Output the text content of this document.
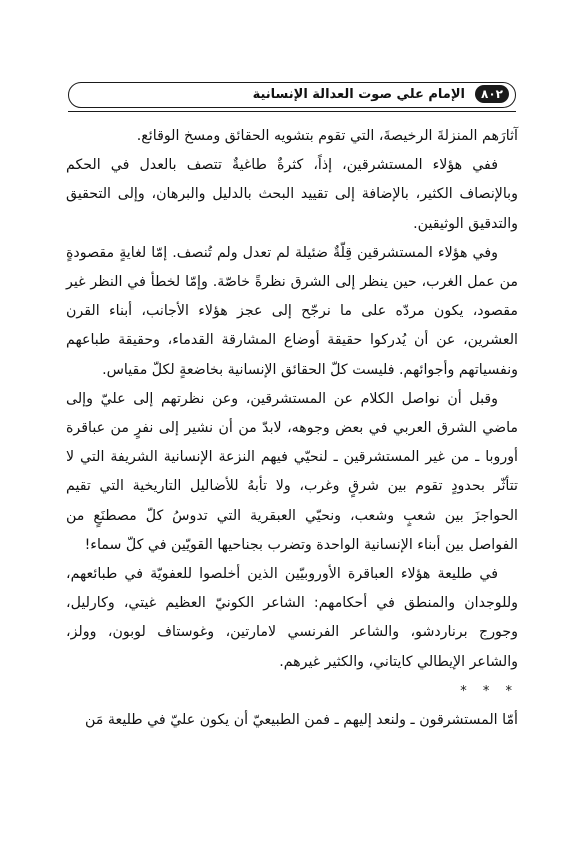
٨٠٢
الإمام علي صوت العدالة الإنسانية

آثارَهم المنزلةَ الرخيصةَ، التي تقوم بتشويه الحقائق ومسخ الوقائع.

ففي هؤلاء المستشرقين، إذاً، كثرةٌ طاغيةٌ تتصف بالعدل في الحكم وبالإنصاف الكثير، بالإضافة إلى تقييد البحث بالدليل والبرهان، وإلى التحقيق والتدقيق الوثيقين.

وفي هؤلاء المستشرقين قِلّةٌ ضئيلة لم تعدل ولم تُنصف. إمّا لغايةٍ مقصودةٍ من عمل الغرب، حين ينظر إلى الشرق نظرةً خاصّة. وإمّا لخطأ في النظر غير مقصود، يكون مردّه على ما نرجّح إلى عجز هؤلاء الأجانب، أبناء القرن العشرين، عن أن يُدركوا حقيقة أوضاع المشارقة القدماء، وحقيقة طباعهم ونفسياتهم وأجوائهم. فليست كلّ الحقائق الإنسانية بخاضعةٍ لكلّ مقياس.

وقبل أن نواصل الكلام عن المستشرقين، وعن نظرتهم إلى عليّ وإلى ماضي الشرق العربي في بعض وجوهه، لابدّ من أن نشير إلى نفرٍ من عباقرة أوروبا ـ من غير المستشرقين ـ لنحيّي فيهم النزعة الإنسانية الشريفة التي لا تتأثّر بحدودٍ تقوم بين شرقٍ وغرب، ولا تأبهُ للأضاليل التاريخية التي تقيم الحواجزَ بين شعبٍ وشعب، ونحيّي العبقرية التي تدوسُ كلّ مصطنَعٍ من الفواصل بين أبناء الإنسانية الواحدة وتضرب بجناحيها القويّين في كلّ سماء!

في طليعة هؤلاء العباقرة الأوروبيّين الذين أخلصوا للعفويّة في طبائعهم، وللوجدان والمنطق في أحكامهم: الشاعر الكونيّ العظيم غيتي، وكارليل، وجورج برناردشو، والشاعر الفرنسي لامارتين، وغوستاف لوبون، وولز، والشاعر الإيطالي كايتاني، والكثير غيرهم.

* * *

أمّا المستشرقون ـ ولنعد إليهم ـ فمن الطبيعيّ أن يكون عليّ في طليعة مَن
